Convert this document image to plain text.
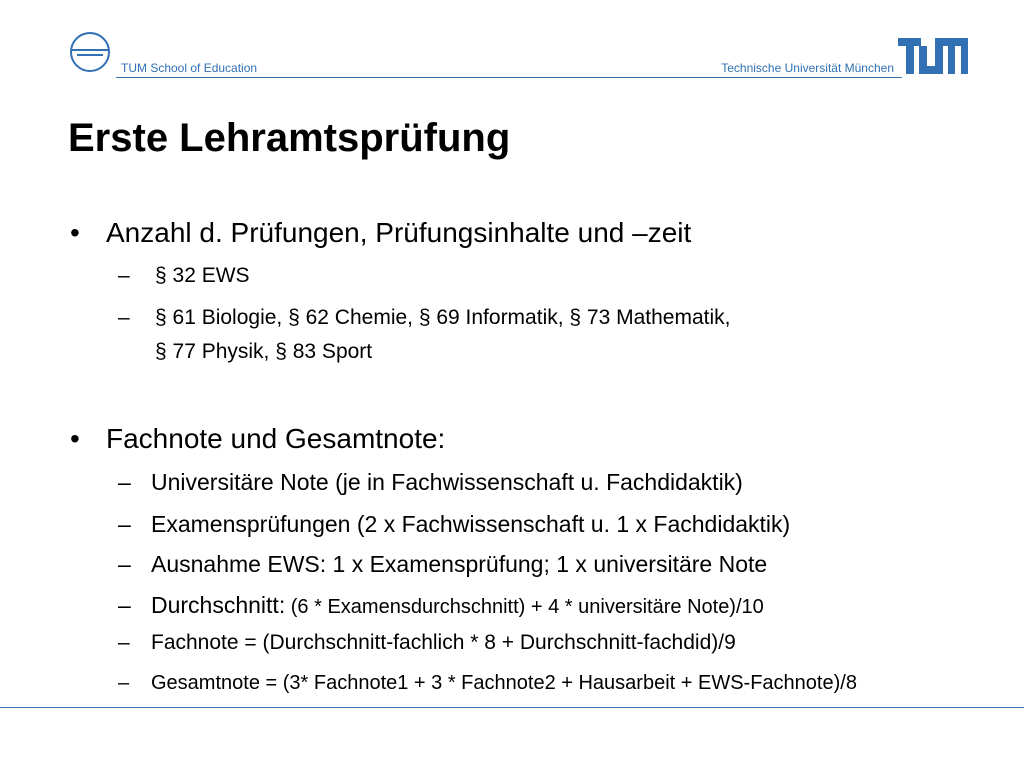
TUM School of Education	Technische Universität München
Erste Lehramtsprüfung
• Anzahl d. Prüfungen, Prüfungsinhalte und –zeit
– § 32 EWS
– § 61 Biologie, § 62 Chemie, § 69 Informatik, § 73 Mathematik,
§ 77 Physik, § 83 Sport
• Fachnote und Gesamtnote:
– Universitäre Note (je in Fachwissenschaft u. Fachdidaktik)
– Examensprüfungen (2 x Fachwissenschaft u. 1 x Fachdidaktik)
– Ausnahme EWS: 1 x Examensprüfung; 1 x universitäre Note
– Durchschnitt: (6 * Examensdurchschnitt) + 4 * universitäre Note)/10
– Fachnote = (Durchschnitt-fachlich * 8 + Durchschnitt-fachdid)/9
– Gesamtnote = (3* Fachnote1 + 3 * Fachnote2 + Hausarbeit + EWS-Fachnote)/8
